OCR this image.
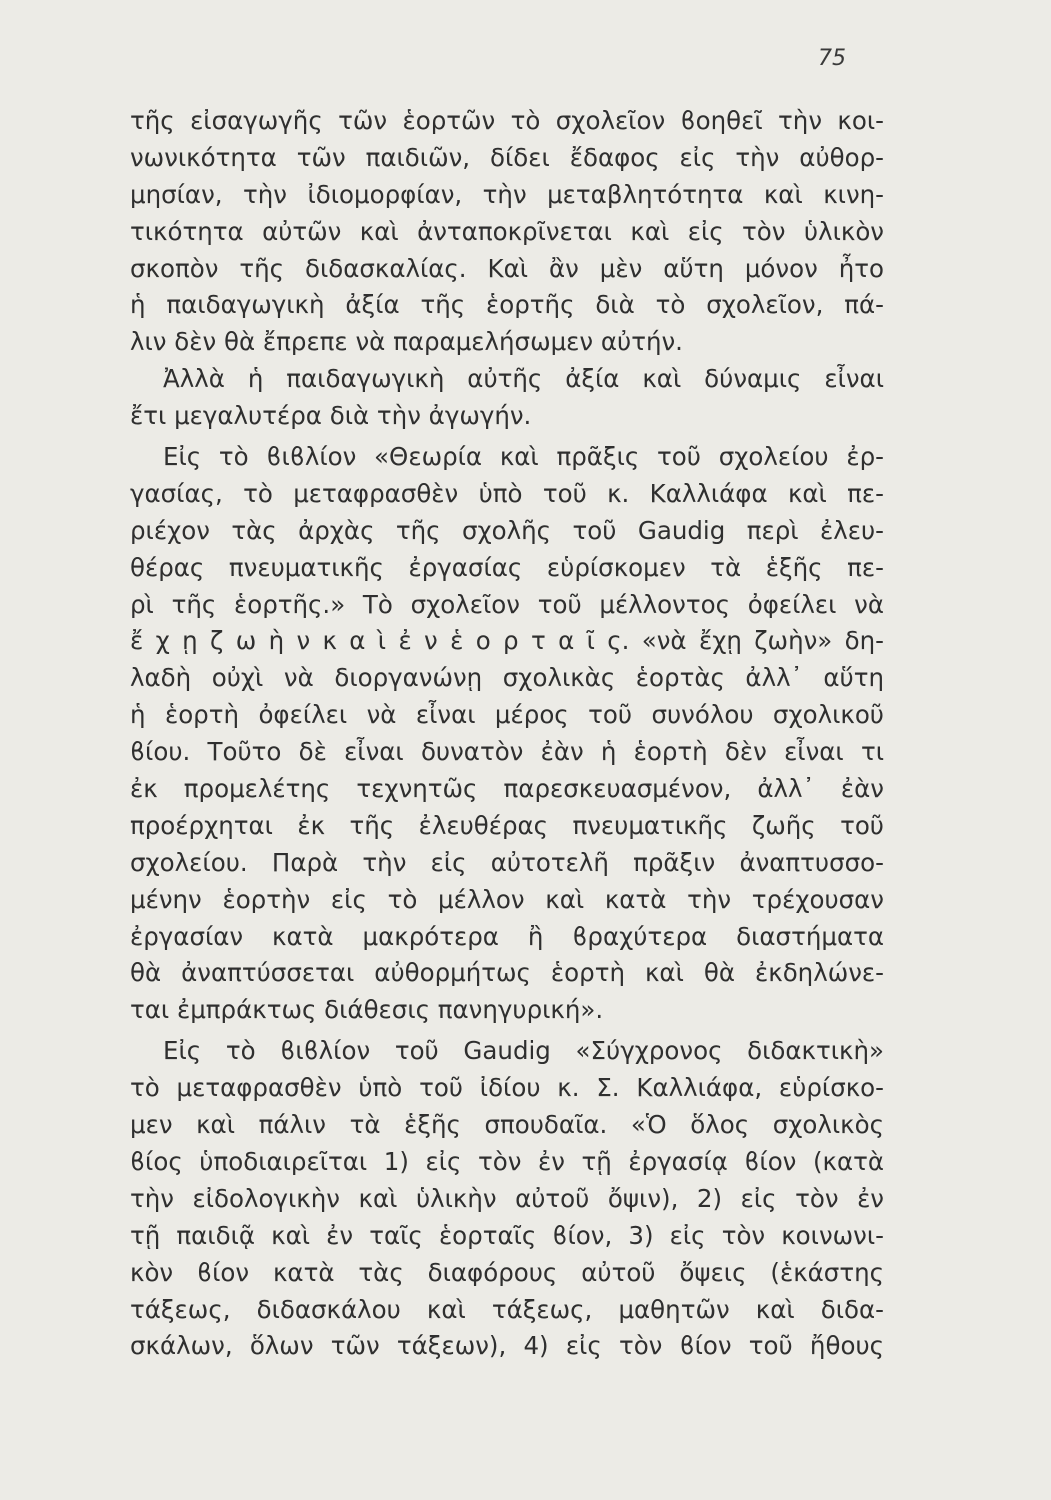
75
τῆς εἰσαγωγῆς τῶν ἑορτῶν τὸ σχολεῖον ϐοηθεῖ τὴν κοι-
νωνικότητα τῶν παιδιῶν, δίδει ἔδαφος εἰς τὴν αὐθορ-
μησίαν, τὴν ἰδιομορφίαν, τὴν μεταβλητότητα καὶ κινη-
τικότητα αὐτῶν καὶ ἀνταποκρῖνεται καὶ εἰς τὸν ὑλικὸν
σκοπὸν τῆς διδασκαλίας. Καὶ ἂν μὲν αὕτη μόνον ἦτο
ἡ παιδαγωγικὴ ἀξία τῆς ἑορτῆς διὰ τὸ σχολεῖον, πά-
λιν δὲν θὰ ἔπρεπε νὰ παραμελήσωμεν αὐτήν.
Ἀλλὰ ἡ παιδαγωγικὴ αὐτῆς ἀξία καὶ δύναμις εἶναι
ἔτι μεγαλυτέρα διὰ τὴν ἀγωγήν.
Εἰς τὸ ϐιϐλίον «Θεωρία καὶ πρᾶξις τοῦ σχολείου ἐρ-
γασίας, τὸ μεταφρασθὲν ὑπὸ τοῦ κ. Καλλιάφα καὶ πε-
ριέχον τὰς ἀρχὰς τῆς σχολῆς τοῦ Gaudig περὶ ἐλευ-
θέρας πνευματικῆς ἐργασίας εὑρίσκομεν τὰ ἑξῆς πε-
ρὶ τῆς ἑορτῆς.» Τὸ σχολεῖον τοῦ μέλλοντος ὀφείλει νὰ
ἔ χ ῃ ζ ω ὴ ν κ α ὶ ἐ ν ἑ ο ρ τ α ῖ ς. «νὰ ἔχῃ ζωὴν» δη-
λαδὴ οὐχὶ νὰ διοργανώνῃ σχολικὰς ἑορτὰς ἀλλ᾽ αὕτη
ἡ ἑορτὴ ὀφείλει νὰ εἶναι μέρος τοῦ συνόλου σχολικοῦ
ϐίου. Τοῦτο δὲ εἶναι δυνατὸν ἐὰν ἡ ἑορτὴ δὲν εἶναι τι
ἐκ προμελέτης τεχνητῶς παρεσκευασμένον, ἀλλ᾽ ἐὰν
προέρχηται ἐκ τῆς ἐλευθέρας πνευματικῆς ζωῆς τοῦ
σχολείου. Παρὰ τὴν εἰς αὐτοτελῆ πρᾶξιν ἀναπτυσσο-
μένην ἑορτὴν εἰς τὸ μέλλον καὶ κατὰ τὴν τρέχουσαν
ἐργασίαν κατὰ μακρότερα ἢ ϐραχύτερα διαστήματα
θὰ ἀναπτύσσεται αὐθορμήτως ἑορτὴ καὶ θὰ ἐκδηλώνε-
ται ἐμπράκτως διάθεσις πανηγυρική».
Εἰς τὸ ϐιϐλίον τοῦ Gaudig «Σύγχρονος διδακτικὴ»
τὸ μεταφρασθὲν ὑπὸ τοῦ ἰδίου κ. Σ. Καλλιάφα, εὑρίσκο-
μεν καὶ πάλιν τὰ ἑξῆς σπουδαῖα. «Ὁ ὅλος σχολικὸς
ϐίος ὑποδιαιρεῖται 1) εἰς τὸν ἐν τῇ ἐργασίᾳ ϐίον (κατὰ
τὴν εἰδολογικὴν καὶ ὑλικὴν αὐτοῦ ὄψιν), 2) εἰς τὸν ἐν
τῇ παιδιᾷ καὶ ἐν ταῖς ἑορταῖς ϐίον, 3) εἰς τὸν κοινωνι-
κὸν ϐίον κατὰ τὰς διαφόρους αὐτοῦ ὄψεις (ἑκάστης
τάξεως, διδασκάλου καὶ τάξεως, μαθητῶν καὶ διδα-
σκάλων, ὅλων τῶν τάξεων), 4) εἰς τὸν ϐίον τοῦ ἤθους
